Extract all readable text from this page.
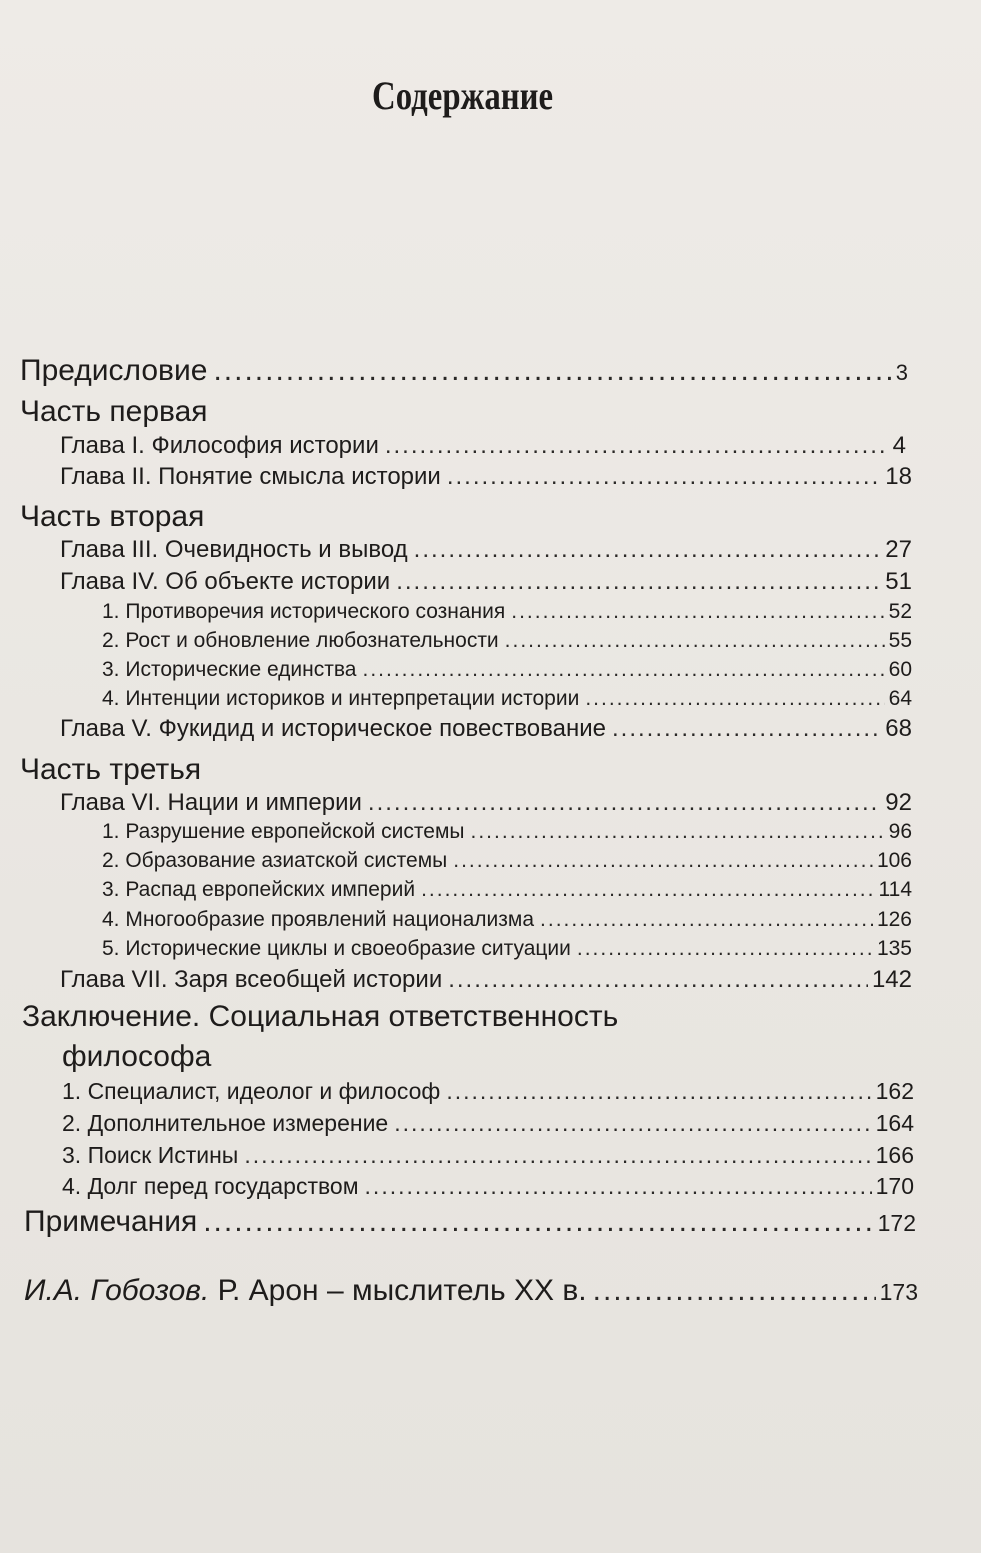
Содержание
Предисловие .....	3
Часть первая
Глава I. Философия истории .....	4
Глава II. Понятие смысла истории .....	18
Часть вторая
Глава III. Очевидность и вывод .....	27
Глава IV. Об объекте истории .....	51
1. Противоречия исторического сознания .....	52
2. Рост и обновление любознательности .....	55
3. Исторические единства .....	60
4. Интенции историков и интерпретации истории .....	64
Глава V. Фукидид и историческое повествование .....	68
Часть третья
Глава VI. Нации и империи .....	92
1. Разрушение европейской системы .....	96
2. Образование азиатской системы .....	106
3. Распад европейских империй .....	114
4. Многообразие проявлений национализма .....	126
5. Исторические циклы и своеобразие ситуации .....	135
Глава VII. Заря всеобщей истории .....	142
Заключение. Социальная ответственность
философа
1. Специалист, идеолог и философ .....	162
2. Дополнительное измерение .....	164
3. Поиск Истины .....	166
4. Долг перед государством .....	170
Примечания .....	172
И.А. Гобозов. Р. Арон – мыслитель XX в. .....	173
